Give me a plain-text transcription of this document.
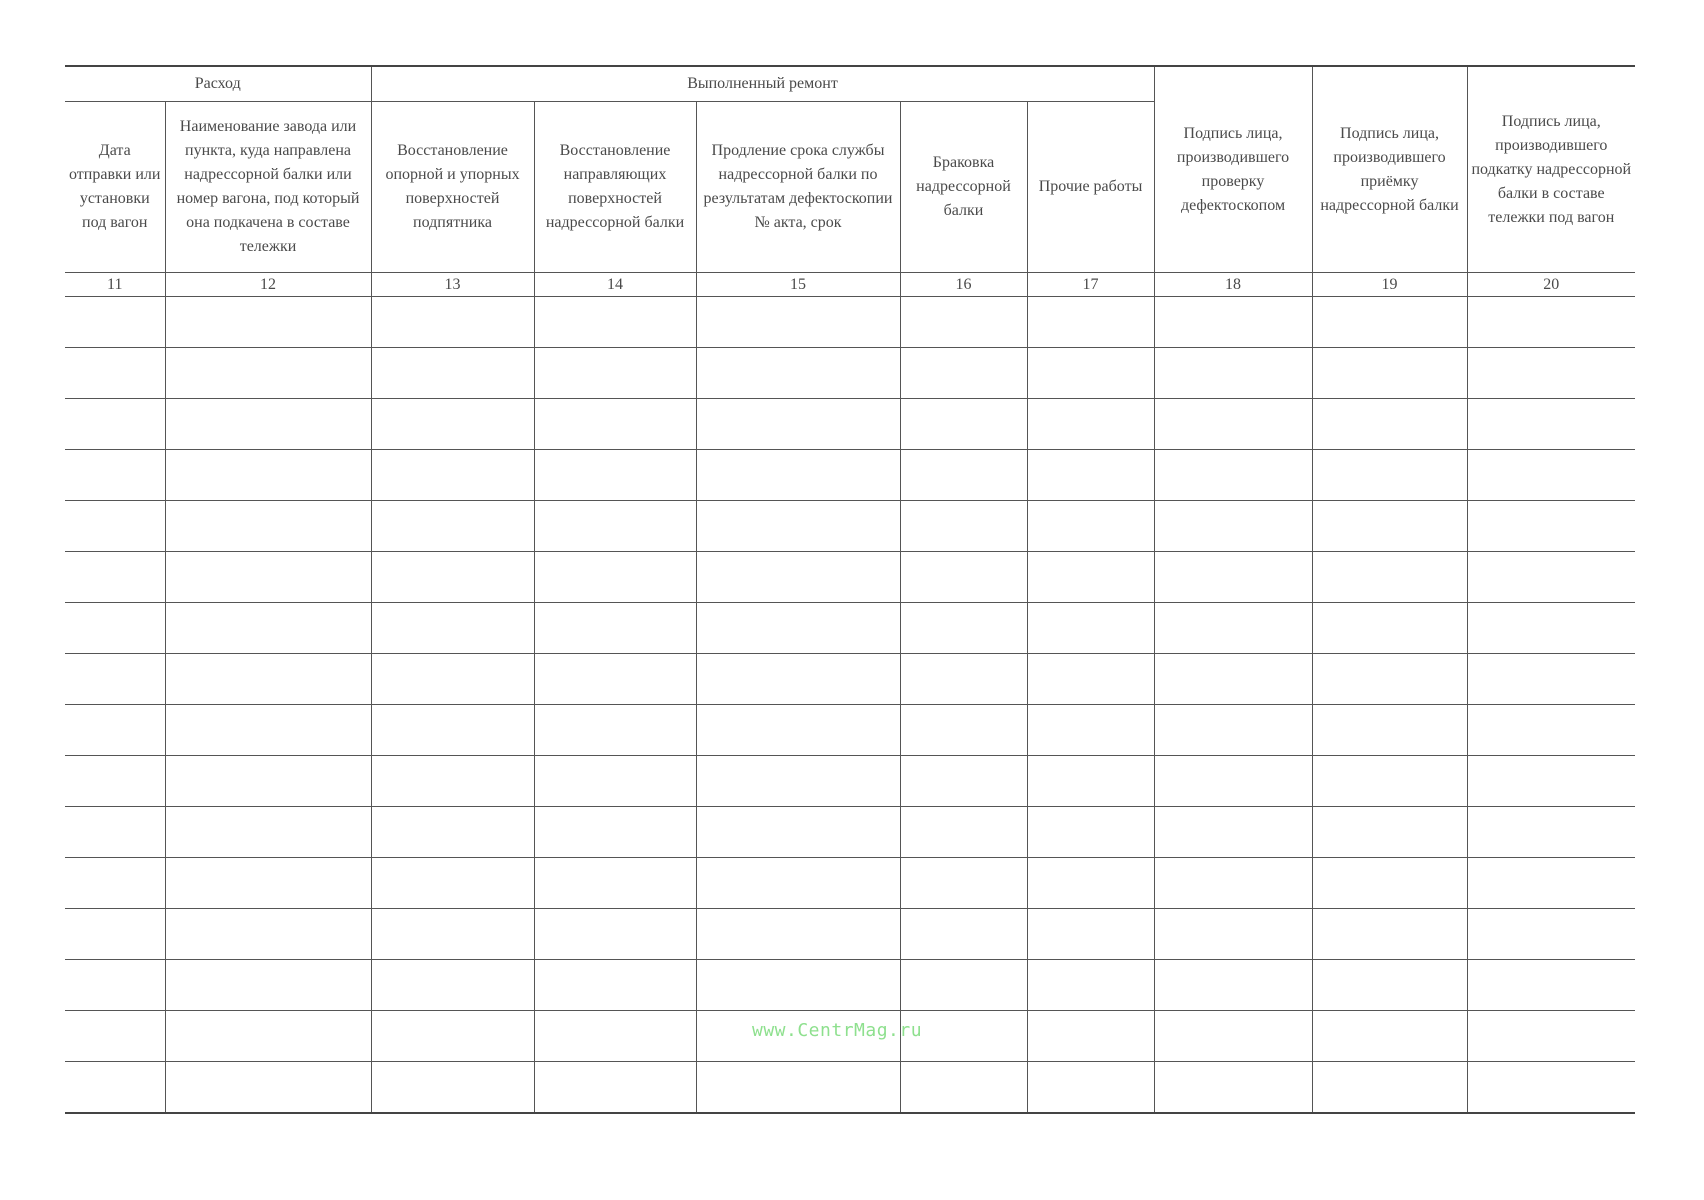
Расход		Выполненный ремонт					Подпись лица, производившего проверку дефектоскопом	Подпись лица, производившего приёмку надрессорной балки	Подпись лица, производившего подкатку надрессорной балки в составе тележки под вагон
Дата отправки или установки под вагон	Наименование завода или пункта, куда направлена надрессорной балки или номер вагона, под который она подкачена в составе тележки	Восстановление опорной и упорных поверхностей подпятника	Восстановление направляющих поверхностей надрессорной балки	Продление срока службы надрессорной балки по результатам дефектоскопии № акта, срок	Браковка надрессорной балки	Прочие работы			
11	12	13	14	15	16	17	18	19	20

www.CentrMag.ru
